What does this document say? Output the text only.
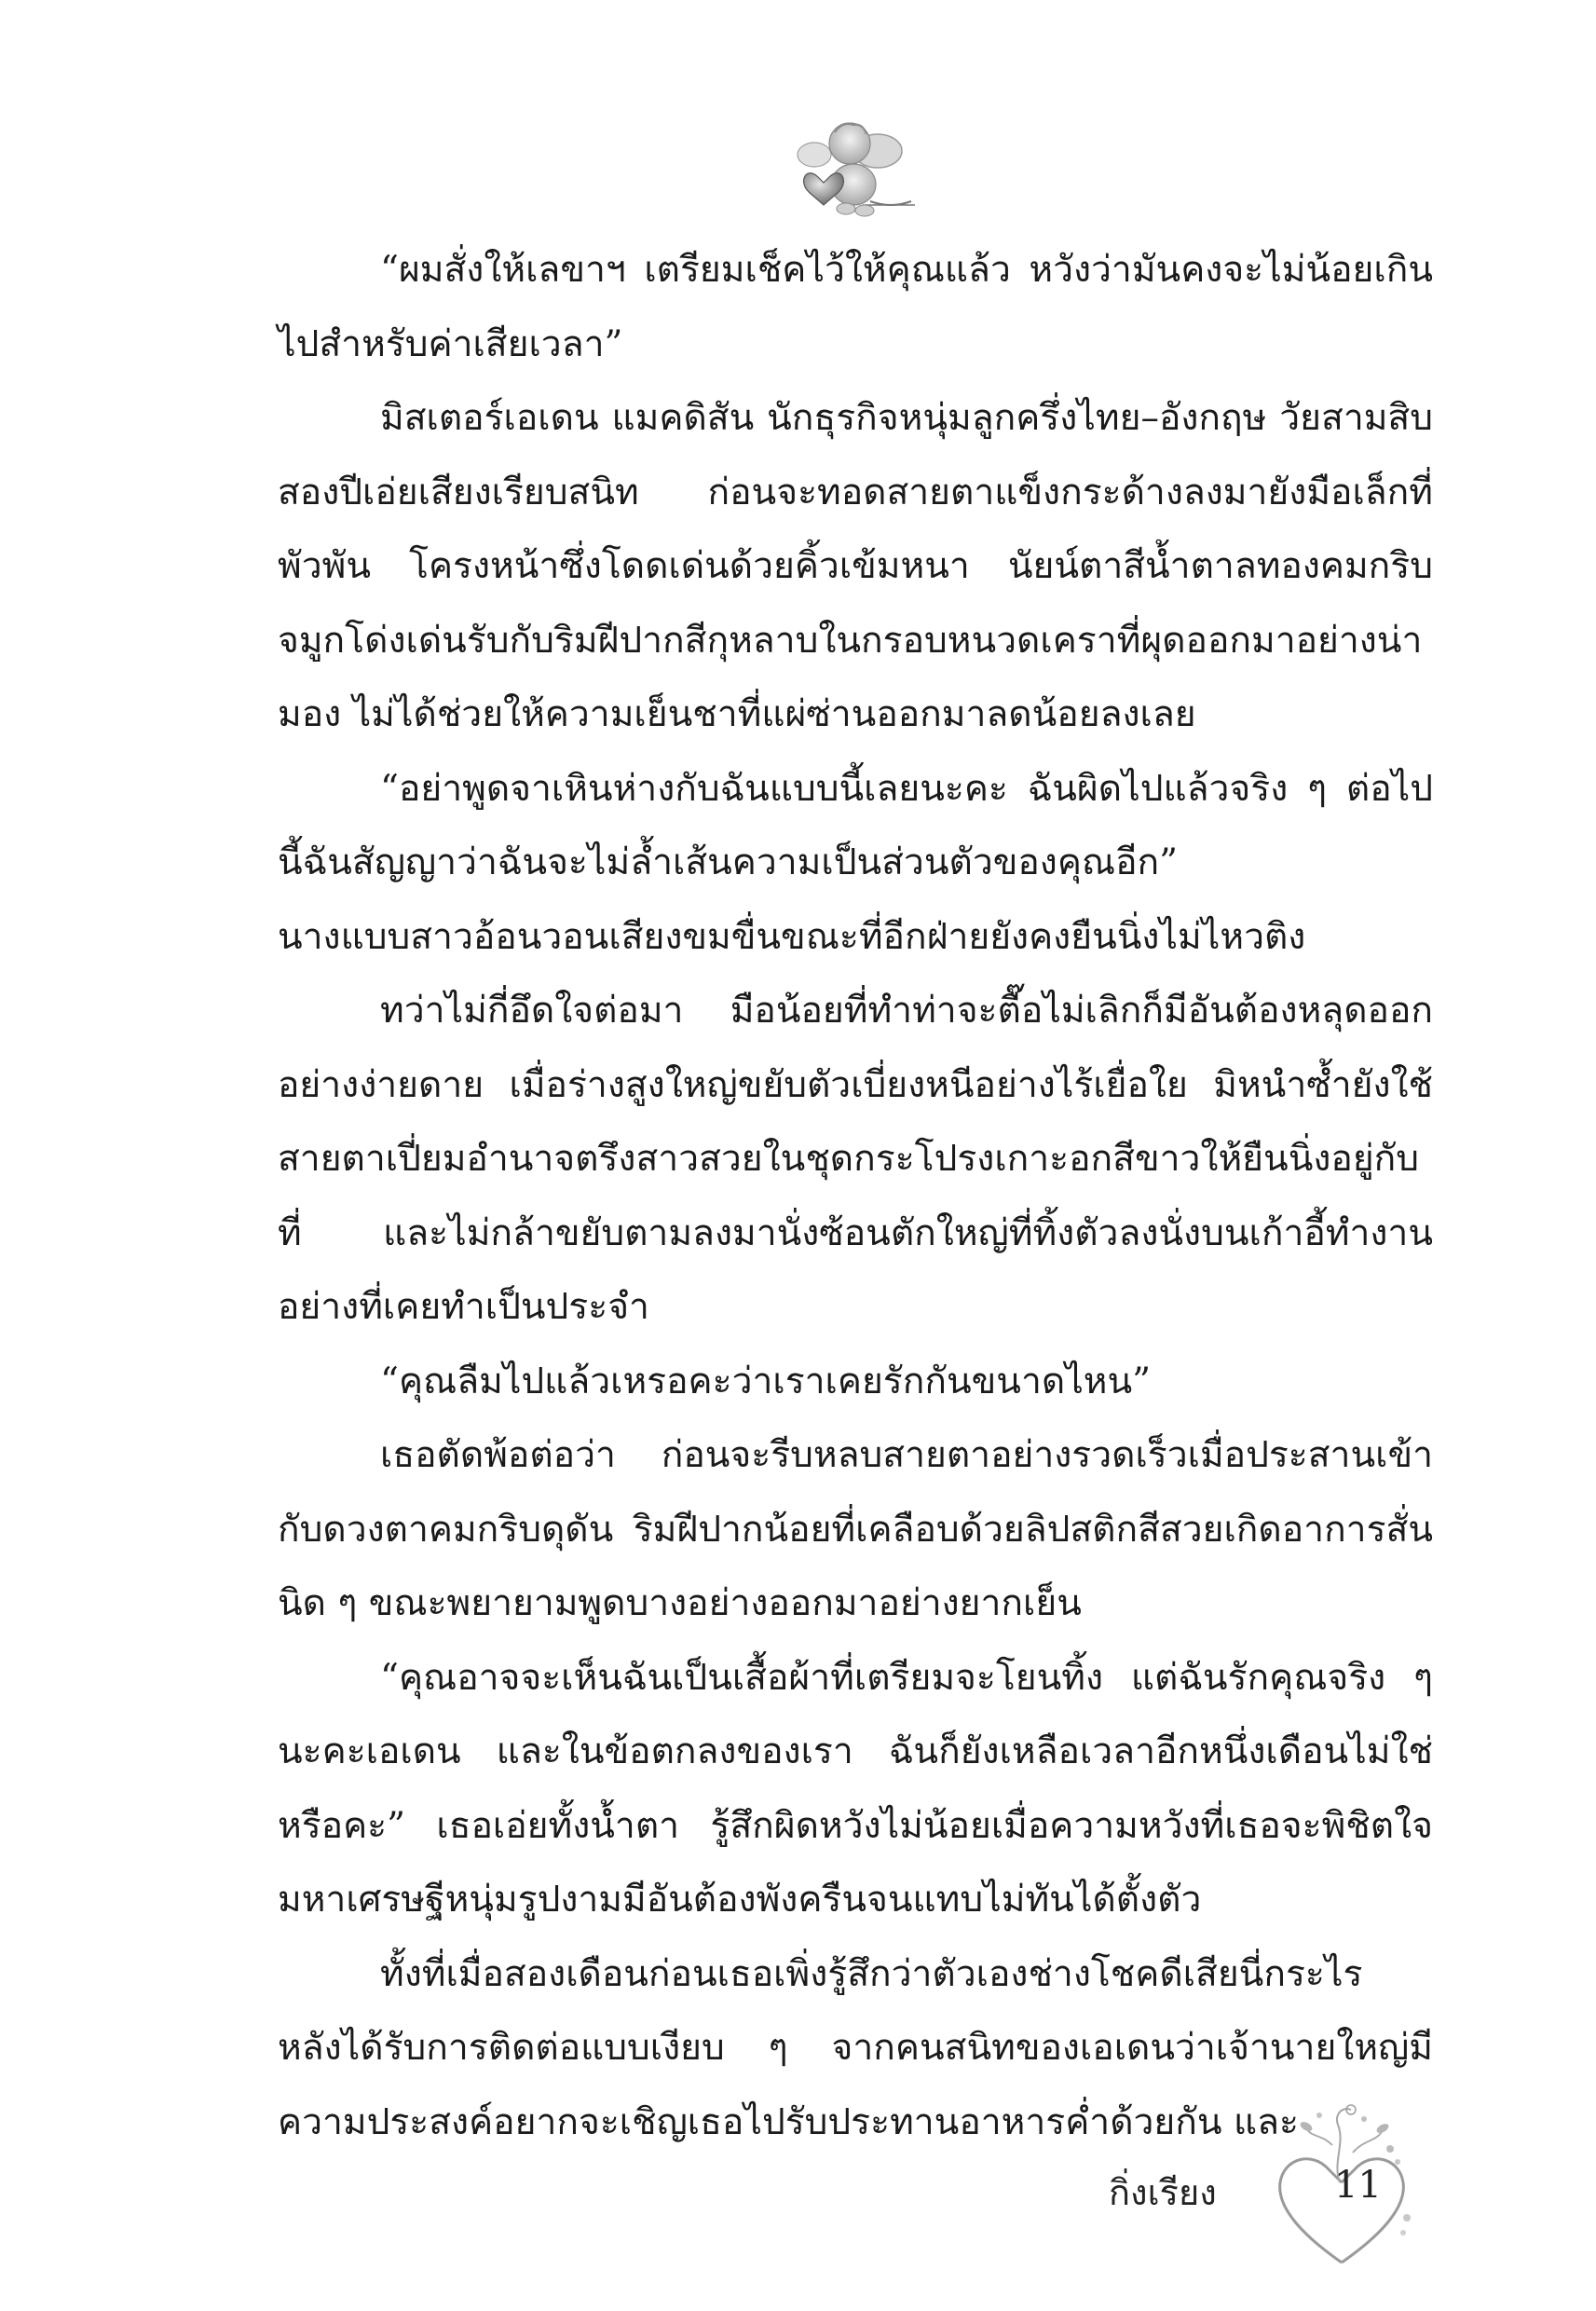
“ผมสั่งให้เลขาฯ เตรียมเช็คไว้ให้คุณแล้ว หวังว่ามันคงจะไม่น้อยเกินไปสำหรับค่าเสียเวลา”

มิสเตอร์เอเดน แมคดิสัน นักธุรกิจหนุ่มลูกครึ่งไทย–อังกฤษ วัยสามสิบสองปีเอ่ยเสียงเรียบสนิท ก่อนจะทอดสายตาแข็งกระด้างลงมายังมือเล็กที่พัวพัน โครงหน้าซึ่งโดดเด่นด้วยคิ้วเข้มหนา นัยน์ตาสีน้ำตาลทองคมกริบ จมูกโด่งเด่นรับกับริมฝีปากสีกุหลาบในกรอบหนวดเคราที่ผุดออกมาอย่างน่ามอง ไม่ได้ช่วยให้ความเย็นชาที่แผ่ซ่านออกมาลดน้อยลงเลย

“อย่าพูดจาเหินห่างกับฉันแบบนี้เลยนะคะ ฉันผิดไปแล้วจริง ๆ ต่อไปนี้ฉันสัญญาว่าฉันจะไม่ล้ำเส้นความเป็นส่วนตัวของคุณอีก”

นางแบบสาวอ้อนวอนเสียงขมขื่นขณะที่อีกฝ่ายยังคงยืนนิ่งไม่ไหวติง

ทว่าไม่กี่อึดใจต่อมา มือน้อยที่ทำท่าจะตื๊อไม่เลิกก็มีอันต้องหลุดออกอย่างง่ายดาย เมื่อร่างสูงใหญ่ขยับตัวเบี่ยงหนีอย่างไร้เยื่อใย มิหนำซ้ำยังใช้สายตาเปี่ยมอำนาจตรึงสาวสวยในชุดกระโปรงเกาะอกสีขาวให้ยืนนิ่งอยู่กับที่ และไม่กล้าขยับตามลงมานั่งซ้อนตักใหญ่ที่ทิ้งตัวลงนั่งบนเก้าอี้ทำงานอย่างที่เคยทำเป็นประจำ

“คุณลืมไปแล้วเหรอคะว่าเราเคยรักกันขนาดไหน”

เธอตัดพ้อต่อว่า ก่อนจะรีบหลบสายตาอย่างรวดเร็วเมื่อประสานเข้ากับดวงตาคมกริบดุดัน ริมฝีปากน้อยที่เคลือบด้วยลิปสติกสีสวยเกิดอาการสั่นนิด ๆ ขณะพยายามพูดบางอย่างออกมาอย่างยากเย็น

“คุณอาจจะเห็นฉันเป็นเสื้อผ้าที่เตรียมจะโยนทิ้ง แต่ฉันรักคุณจริง ๆ นะคะเอเดน และในข้อตกลงของเรา ฉันก็ยังเหลือเวลาอีกหนึ่งเดือนไม่ใช่หรือคะ” เธอเอ่ยทั้งน้ำตา รู้สึกผิดหวังไม่น้อยเมื่อความหวังที่เธอจะพิชิตใจมหาเศรษฐีหนุ่มรูปงามมีอันต้องพังครืนจนแทบไม่ทันได้ตั้งตัว

ทั้งที่เมื่อสองเดือนก่อนเธอเพิ่งรู้สึกว่าตัวเองช่างโชคดีเสียนี่กระไร หลังได้รับการติดต่อแบบเงียบ ๆ จากคนสนิทของเอเดนว่าเจ้านายใหญ่มีความประสงค์อยากจะเชิญเธอไปรับประทานอาหารค่ำด้วยกัน และ

กิ่งเรียง	11
